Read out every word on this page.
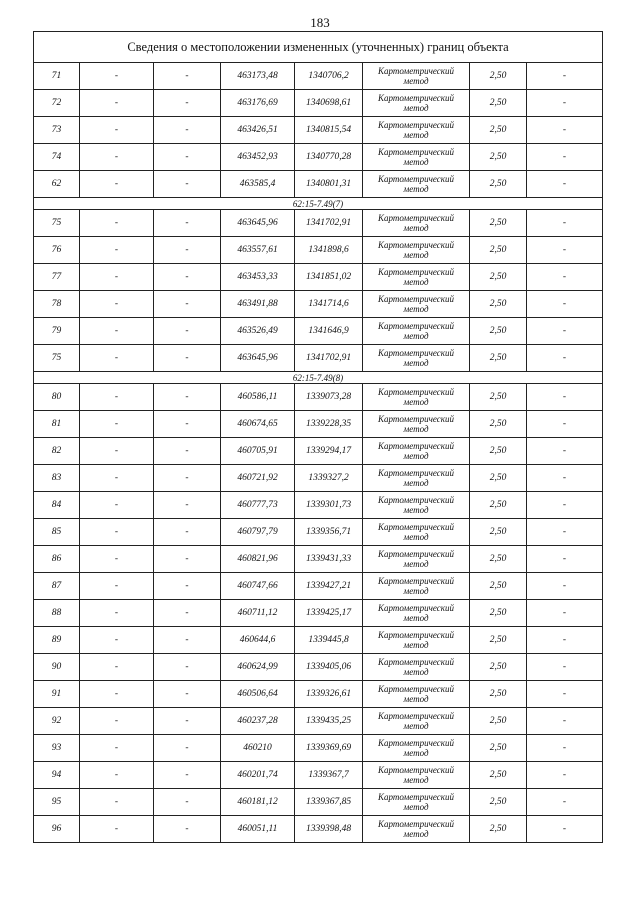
183
Сведения о местоположении измененных (уточненных) границ объекта							
71	-	-	463173,48	1340706,2	Картометрический
метод	2,50	-
72	-	-	463176,69	1340698,61	Картометрический
метод	2,50	-
73	-	-	463426,51	1340815,54	Картометрический
метод	2,50	-
74	-	-	463452,93	1340770,28	Картометрический
метод	2,50	-
62	-	-	463585,4	1340801,31	Картометрический
метод	2,50	-
62:15-7.49(7)							
75	-	-	463645,96	1341702,91	Картометрический
метод	2,50	-
76	-	-	463557,61	1341898,6	Картометрический
метод	2,50	-
77	-	-	463453,33	1341851,02	Картометрический
метод	2,50	-
78	-	-	463491,88	1341714,6	Картометрический
метод	2,50	-
79	-	-	463526,49	1341646,9	Картометрический
метод	2,50	-
75	-	-	463645,96	1341702,91	Картометрический
метод	2,50	-
62:15-7.49(8)							
80	-	-	460586,11	1339073,28	Картометрический
метод	2,50	-
81	-	-	460674,65	1339228,35	Картометрический
метод	2,50	-
82	-	-	460705,91	1339294,17	Картометрический
метод	2,50	-
83	-	-	460721,92	1339327,2	Картометрический
метод	2,50	-
84	-	-	460777,73	1339301,73	Картометрический
метод	2,50	-
85	-	-	460797,79	1339356,71	Картометрический
метод	2,50	-
86	-	-	460821,96	1339431,33	Картометрический
метод	2,50	-
87	-	-	460747,66	1339427,21	Картометрический
метод	2,50	-
88	-	-	460711,12	1339425,17	Картометрический
метод	2,50	-
89	-	-	460644,6	1339445,8	Картометрический
метод	2,50	-
90	-	-	460624,99	1339405,06	Картометрический
метод	2,50	-
91	-	-	460506,64	1339326,61	Картометрический
метод	2,50	-
92	-	-	460237,28	1339435,25	Картометрический
метод	2,50	-
93	-	-	460210	1339369,69	Картометрический
метод	2,50	-
94	-	-	460201,74	1339367,7	Картометрический
метод	2,50	-
95	-	-	460181,12	1339367,85	Картометрический
метод	2,50	-
96	-	-	460051,11	1339398,48	Картометрический
метод	2,50	-
